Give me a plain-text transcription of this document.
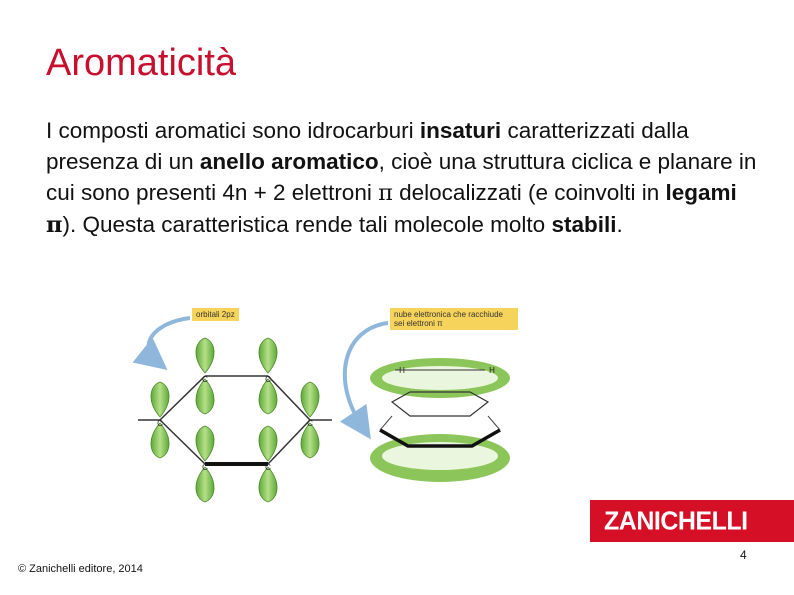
Aromaticità

I composti aromatici sono idrocarburi insaturi caratterizzati dalla presenza di un anello aromatico, cioè una struttura ciclica e planare in cui sono presenti 4n + 2 elettroni π delocalizzati (e coinvolti in legami π). Questa caratteristica rende tali molecole molto stabili.

C	C
C	C
C	C
H	H
orbitali 2pz	nube elettronica che racchiude sei elettroni π
ZANICHELLI
4
© Zanichelli editore, 2014
